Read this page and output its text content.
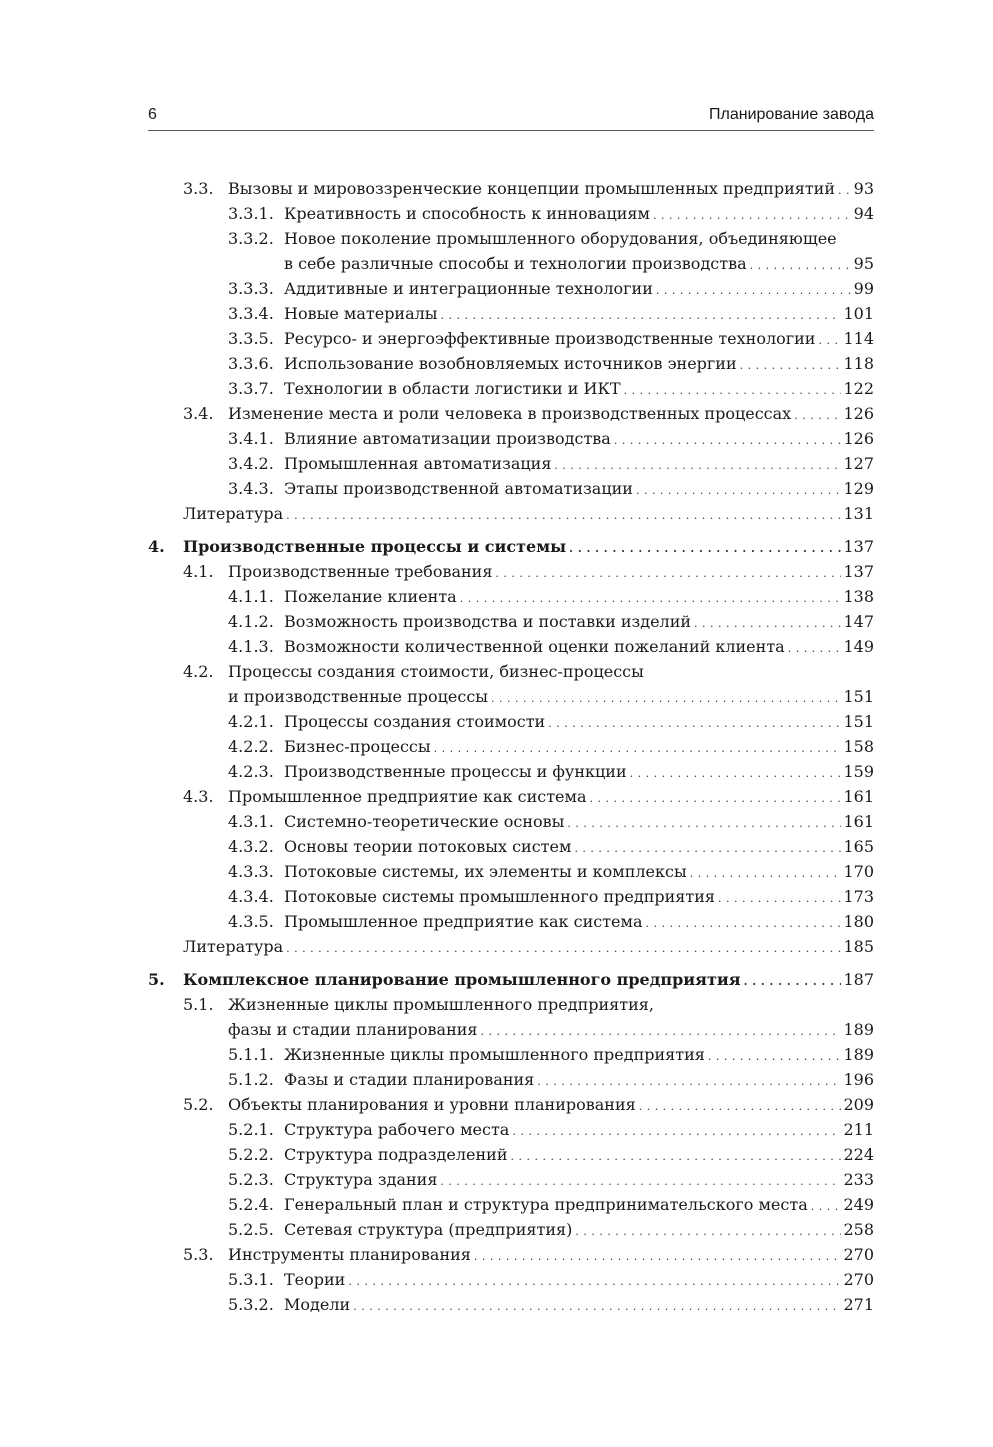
6	Планирование завода
3.3. Вызовы и мировоззренческие концепции промышленных предприятий . . . 93
3.3.1. Креативность и способность к инновациям . . .	94
3.3.2. Новое поколение промышленного оборудования, объединяющее
в себе различные способы и технологии производства . . .	95
3.3.3. Аддитивные и интеграционные технологии . . .	99
3.3.4. Новые материалы . . .	101
3.3.5. Ресурсо- и энергоэффективные производственные технологии . . . 114
3.3.6. Использование возобновляемых источников энергии . . .	118
3.3.7. Технологии в области логистики и ИКТ . . .	122
3.4. Изменение места и роли человека в производственных процессах . . .	126
3.4.1. Влияние автоматизации производства . . .	126
3.4.2. Промышленная автоматизация . . .	127
3.4.3. Этапы производственной автоматизации . . .	129
Литература . . .	131
4. Производственные процессы и системы . . .	137
4.1. Производственные требования . . .	137
4.1.1. Пожелание клиента . . .	138
4.1.2. Возможность производства и поставки изделий . . .	147
4.1.3. Возможности количественной оценки пожеланий клиента . . .	149
4.2. Процессы создания стоимости, бизнес-процессы
и производственные процессы . . .	151
4.2.1. Процессы создания стоимости . . .	151
4.2.2. Бизнес-процессы . . .	158
4.2.3. Производственные процессы и функции . . .	159
4.3. Промышленное предприятие как система . . .	161
4.3.1. Системно-теоретические основы . . .	161
4.3.2. Основы теории потоковых систем . . .	165
4.3.3. Потоковые системы, их элементы и комплексы . . .	170
4.3.4. Потоковые системы промышленного предприятия . . .	173
4.3.5. Промышленное предприятие как система . . .	180
Литература . . .	185
5. Комплексное планирование промышленного предприятия . . .	187
5.1. Жизненные циклы промышленного предприятия,
фазы и стадии планирования . . .	189
5.1.1. Жизненные циклы промышленного предприятия . . .	189
5.1.2. Фазы и стадии планирования . . .	196
5.2. Объекты планирования и уровни планирования . . .	209
5.2.1. Структура рабочего места . . .	211
5.2.2. Структура подразделений . . .	224
5.2.3. Структура здания . . .	233
5.2.4. Генеральный план и структура предпринимательского места . . . 249
5.2.5. Сетевая структура (предприятия) . . .	258
5.3. Инструменты планирования . . .	270
5.3.1. Теории . . .	270
5.3.2. Модели . . .	271
